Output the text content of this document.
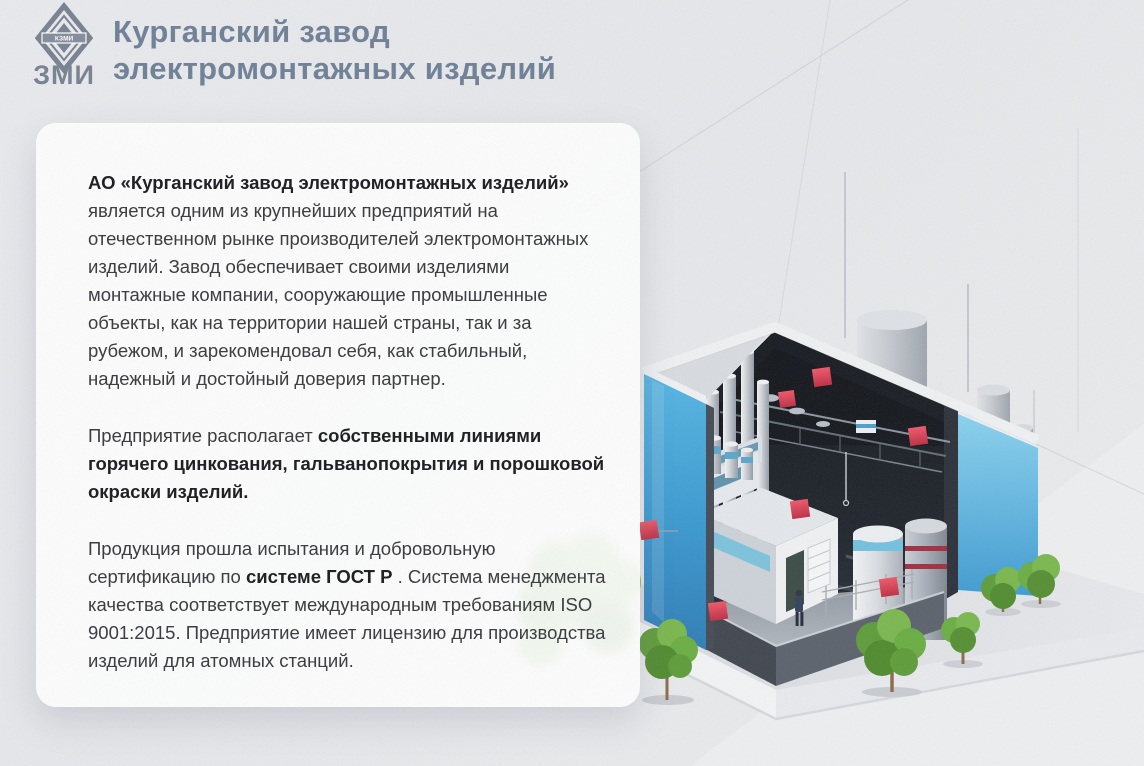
АО «Курганский завод электромонтажных изделий»
является одним из крупнейших предприятий на отечественном рынке производителей электромонтажных изделий. Завод обеспечивает своими изделиями монтажные компании, сооружающие промышленные объекты, как на территории нашей страны, так и за рубежом, и зарекомендовал себя, как стабильный, надежный и достойный доверия партнер.

Предприятие располагает собственными линиями горячего цинкования, гальванопокрытия и порошковой окраски изделий.

Продукция прошла испытания и добровольную сертификацию по системе ГОСТ Р . Система менеджмента качества соответствует международным требованиям ISO 9001:2015. Предприятие имеет лицензию для производства изделий для атомных станций.

КЗМИ
ЗМИ
Курганский завод
электромонтажных изделий
